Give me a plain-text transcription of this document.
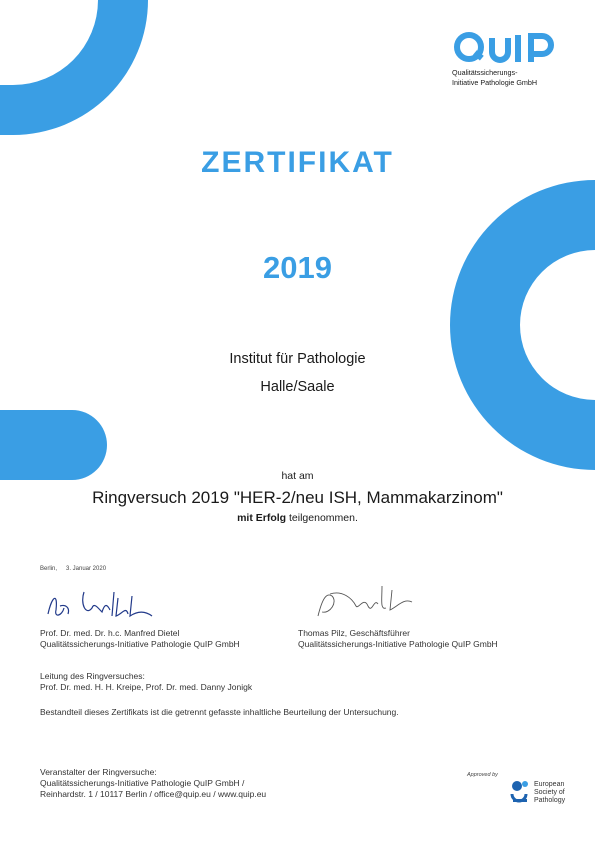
Qualitätssicherungs-
Initiative Pathologie GmbH
ZERTIFIKAT
2019
Institut für Pathologie
Halle/Saale
hat am
Ringversuch 2019 "HER-2/neu ISH, Mammakarzinom"
mit Erfolg teilgenommen.
Berlin, 3. Januar 2020
Prof. Dr. med. Dr. h.c. Manfred Dietel
Qualitätssicherungs-Initiative Pathologie QuIP GmbH
Thomas Pilz, Geschäftsführer
Qualitätssicherungs-Initiative Pathologie QuIP GmbH
Leitung des Ringversuches:
Prof. Dr. med. H. H. Kreipe, Prof. Dr. med. Danny Jonigk
Bestandteil dieses Zertifikats ist die getrennt gefasste inhaltliche Beurteilung der Untersuchung.
Veranstalter der Ringversuche:
Qualitätssicherungs-Initiative Pathologie QuIP GmbH /
Reinhardstr. 1 / 10117 Berlin / office@quip.eu / www.quip.eu
Approved by
European
Society of
Pathology
